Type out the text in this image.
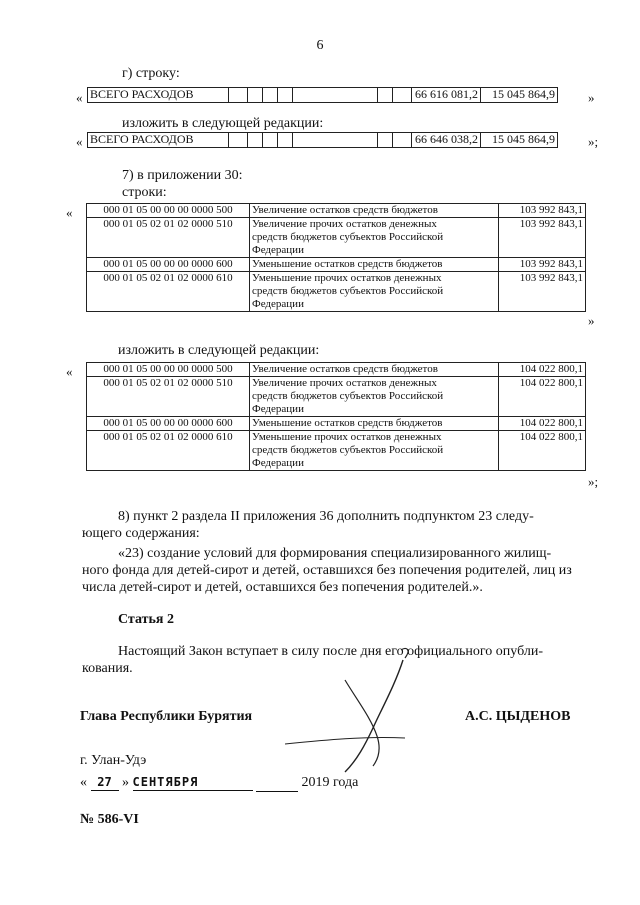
6
г) строку:
« ВСЕГО РАСХОДОВ								66 616 081,2	15 045 864,9	»
изложить в следующей редакции:
« ВСЕГО РАСХОДОВ								66 646 038,2	15 045 864,9	»;
7) в приложении 30:
строки:
«	000 01 05 00 00 00 0000 500	Увеличение остатков средств бюджетов	103 992 843,1
000 01 05 02 01 02 0000 510	Увеличение прочих остатков денежных
средств бюджетов субъектов Российской
Федерации	103 992 843,1
000 01 05 00 00 00 0000 600	Уменьшение остатков средств бюджетов	103 992 843,1
000 01 05 02 01 02 0000 610	Уменьшение прочих остатков денежных
средств бюджетов субъектов Российской
Федерации	103 992 843,1
»
изложить в следующей редакции:
«	000 01 05 00 00 00 0000 500	Увеличение остатков средств бюджетов	104 022 800,1
000 01 05 02 01 02 0000 510	Увеличение прочих остатков денежных
средств бюджетов субъектов Российской
Федерации	104 022 800,1
000 01 05 00 00 00 0000 600	Уменьшение остатков средств бюджетов	104 022 800,1
000 01 05 02 01 02 0000 610	Уменьшение прочих остатков денежных
средств бюджетов субъектов Российской
Федерации	104 022 800,1
»;
8) пункт 2 раздела II приложения 36 дополнить подпунктом 23 следу-
ющего содержания:
«23) создание условий для формирования специализированного жилищ-
ного фонда для детей-сирот и детей, оставшихся без попечения родителей, лиц из
числа детей-сирот и детей, оставшихся без попечения родителей.».
Статья 2
Настоящий Закон вступает в силу после дня его официального опубли-
кования.
Глава Республики Бурятия	А.С. ЦЫДЕНОВ
г. Улан-Удэ
« 27 » СЕНТЯБРЯ	2019 года
№ 586-VI
